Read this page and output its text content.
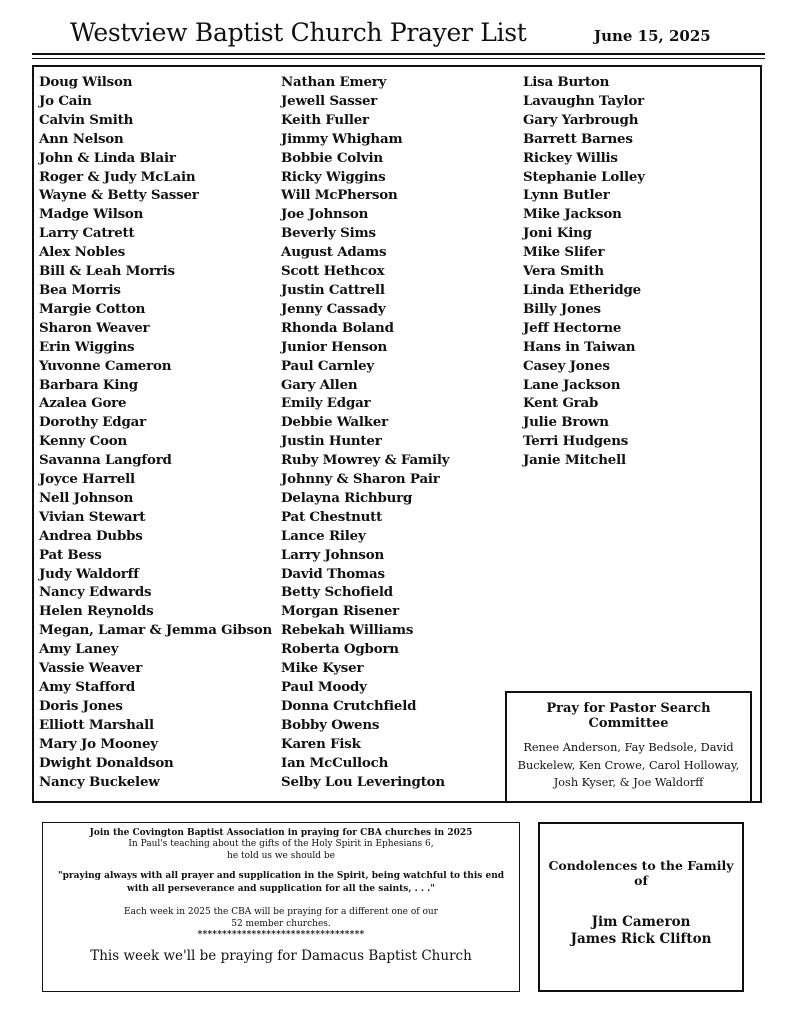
Westview Baptist Church Prayer List	June 15, 2025
Doug Wilson
Jo Cain
Calvin Smith
Ann Nelson
John & Linda Blair
Roger & Judy McLain
Wayne & Betty Sasser
Madge Wilson
Larry Catrett
Alex Nobles
Bill & Leah Morris
Bea Morris
Margie Cotton
Sharon Weaver
Erin Wiggins
Yuvonne Cameron
Barbara King
Azalea Gore
Dorothy Edgar
Kenny Coon
Savanna Langford
Joyce Harrell
Nell Johnson
Vivian Stewart
Andrea Dubbs
Pat Bess
Judy Waldorff
Nancy Edwards
Helen Reynolds
Megan, Lamar & Jemma Gibson
Amy Laney
Vassie Weaver
Amy Stafford
Doris Jones
Elliott Marshall
Mary Jo Mooney
Dwight Donaldson
Nancy Buckelew
Nathan Emery
Jewell Sasser
Keith Fuller
Jimmy Whigham
Bobbie Colvin
Ricky Wiggins
Will McPherson
Joe Johnson
Beverly Sims
August Adams
Scott Hethcox
Justin Cattrell
Jenny Cassady
Rhonda Boland
Junior Henson
Paul Carnley
Gary Allen
Emily Edgar
Debbie Walker
Justin Hunter
Ruby Mowrey & Family
Johnny & Sharon Pair
Delayna Richburg
Pat Chestnutt
Lance Riley
Larry Johnson
David Thomas
Betty Schofield
Morgan Risener
Rebekah Williams
Roberta Ogborn
Mike Kyser
Paul Moody
Donna Crutchfield
Bobby Owens
Karen Fisk
Ian McCulloch
Selby Lou Leverington
Lisa Burton
Lavaughn Taylor
Gary Yarbrough
Barrett Barnes
Rickey Willis
Stephanie Lolley
Lynn Butler
Mike Jackson
Joni King
Mike Slifer
Vera Smith
Linda Etheridge
Billy Jones
Jeff Hectorne
Hans in Taiwan
Casey Jones
Lane Jackson
Kent Grab
Julie Brown
Terri Hudgens
Janie Mitchell
Pray for Pastor Search Committee
Renee Anderson, Fay Bedsole, David Buckelew, Ken Crowe, Carol Holloway, Josh Kyser, & Joe Waldorff

Join the Covington Baptist Association in praying for CBA churches in 2025

In Paul's teaching about the gifts of the Holy Spirit in Ephesians 6,

he told us we should be

"praying always with all prayer and supplication in the Spirit, being watchful to this end with all perseverance and supplication for all the saints, . . ."

Each week in 2025 the CBA will be praying for a different one of our

52 member churches.

**********************************

This week we'll be praying for Damacus Baptist Church

Condolences to the Family of
Jim Cameron
James Rick Clifton
